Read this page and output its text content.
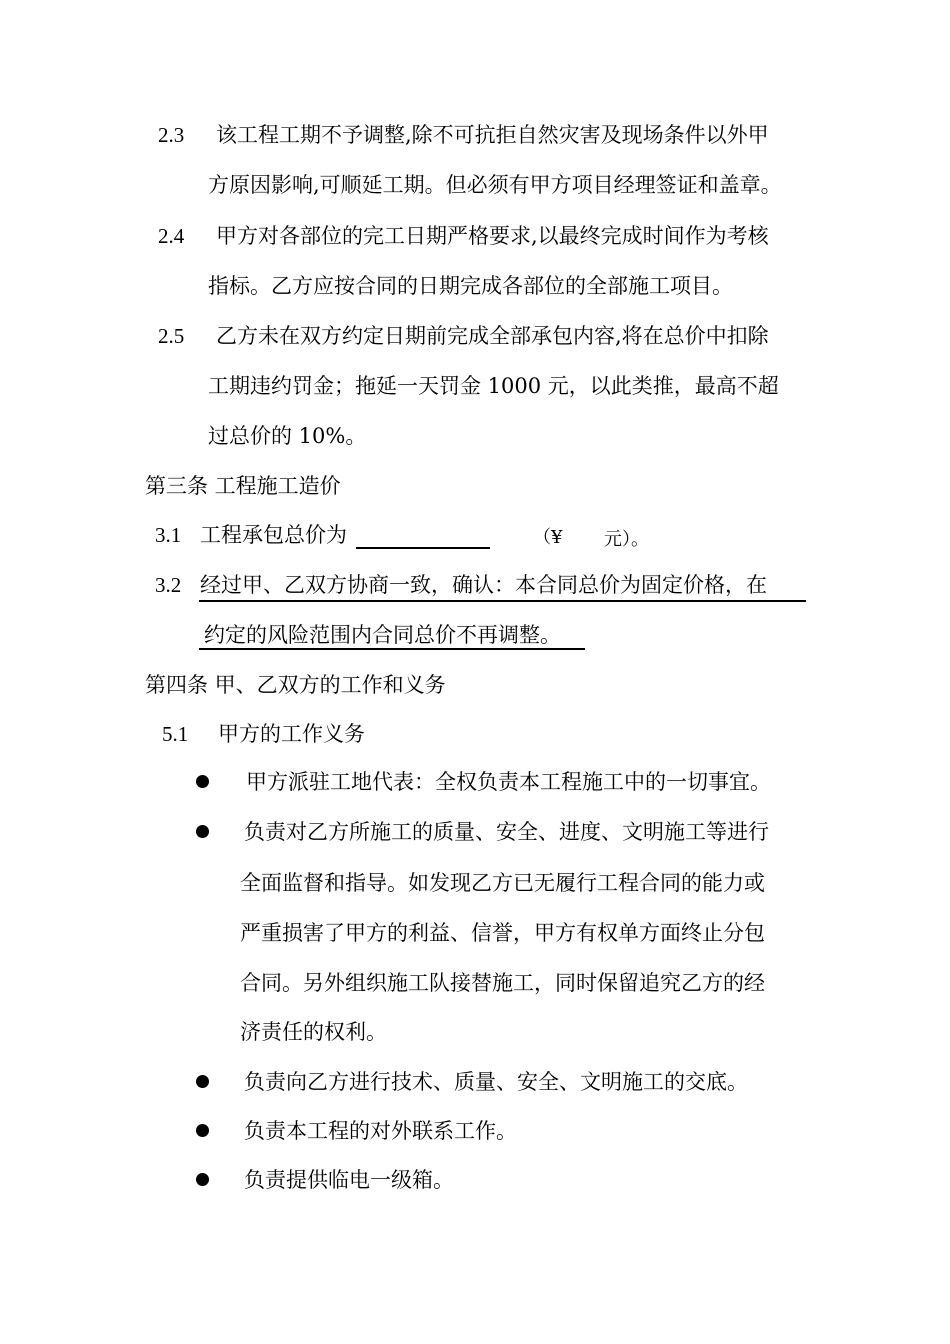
2.3 该工程工期不予调整,除不可抗拒自然灾害及现场条件以外甲
方原因影响,可顺延工期。但必须有甲方项目经理签证和盖章。
2.4 甲方对各部位的完工日期严格要求,以最终完成时间作为考核
指标。乙方应按合同的日期完成各部位的全部施工项目。
2.5 乙方未在双方约定日期前完成全部承包内容,将在总价中扣除
工期违约罚金；拖延一天罚金 1000 元，以此类推，最高不超
过总价的 10%。
第三条 工程施工造价
3.1 工程承包总价为	（¥ 元）。
3.2 经过甲、乙双方协商一致，确认：本合同总价为固定价格，在
约定的风险范围内合同总价不再调整。
第四条 甲、乙双方的工作和义务
5.1 甲方的工作义务
甲方派驻工地代表：全权负责本工程施工中的一切事宜。
负责对乙方所施工的质量、安全、进度、文明施工等进行
全面监督和指导。如发现乙方已无履行工程合同的能力或
严重损害了甲方的利益、信誉，甲方有权单方面终止分包
合同。另外组织施工队接替施工，同时保留追究乙方的经
济责任的权利。
负责向乙方进行技术、质量、安全、文明施工的交底。
负责本工程的对外联系工作。
负责提供临电一级箱。
